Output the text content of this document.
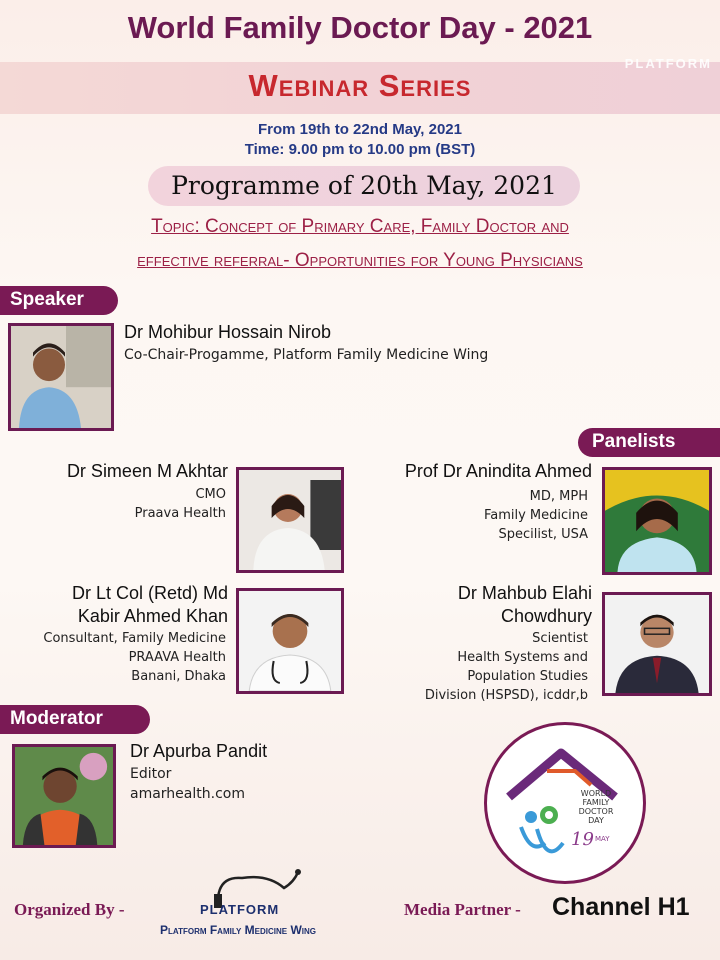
World Family Doctor Day - 2021
Webinar Series
PLATFORM
From 19th to 22nd May, 2021
Time: 9.00 pm to 10.00 pm (BST)
Programme of 20th May, 2021
Topic: Concept of Primary Care, Family Doctor and
effective referral- Opportunities for Young Physicians
Speaker
Dr Mohibur Hossain Nirob
Co-Chair-Progamme, Platform Family Medicine Wing
Panelists
Dr Simeen M Akhtar
CMO
Praava Health
Prof Dr Anindita Ahmed
MD, MPH
Family Medicine
Specilist, USA
Dr Lt Col (Retd) Md
Kabir Ahmed Khan
Consultant, Family Medicine
PRAAVA Health
Banani, Dhaka
Dr Mahbub Elahi
Chowdhury
Scientist
Health Systems and
Population Studies
Division (HSPSD), icddr,b
Moderator
Dr Apurba Pandit
Editor
amarhealth.com	WORLD
FAMILY
DOCTOR
DAY
19 MAY
Organized By -	PLATFORM
Platform Family Medicine Wing
Media Partner - Channel H1
